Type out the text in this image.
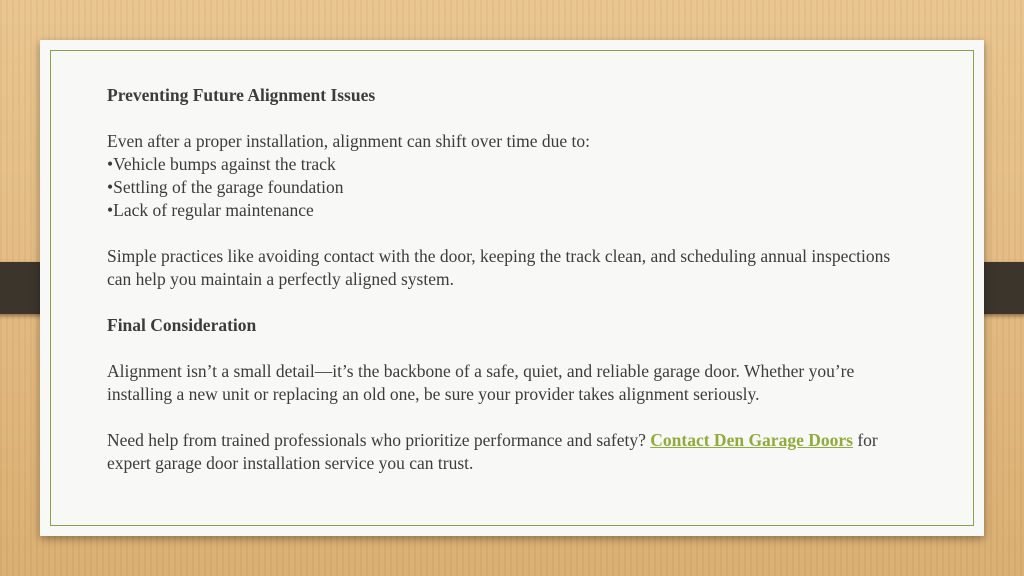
Preventing Future Alignment Issues

Even after a proper installation, alignment can shift over time due to:

•Vehicle bumps against the track

•Settling of the garage foundation

•Lack of regular maintenance

Simple practices like avoiding contact with the door, keeping the track clean, and scheduling annual inspections can help you maintain a perfectly aligned system.

Final Consideration

Alignment isn’t a small detail—it’s the backbone of a safe, quiet, and reliable garage door. Whether you’re installing a new unit or replacing an old one, be sure your provider takes alignment seriously.

Need help from trained professionals who prioritize performance and safety? Contact Den Garage Doors for expert garage door installation service you can trust.
